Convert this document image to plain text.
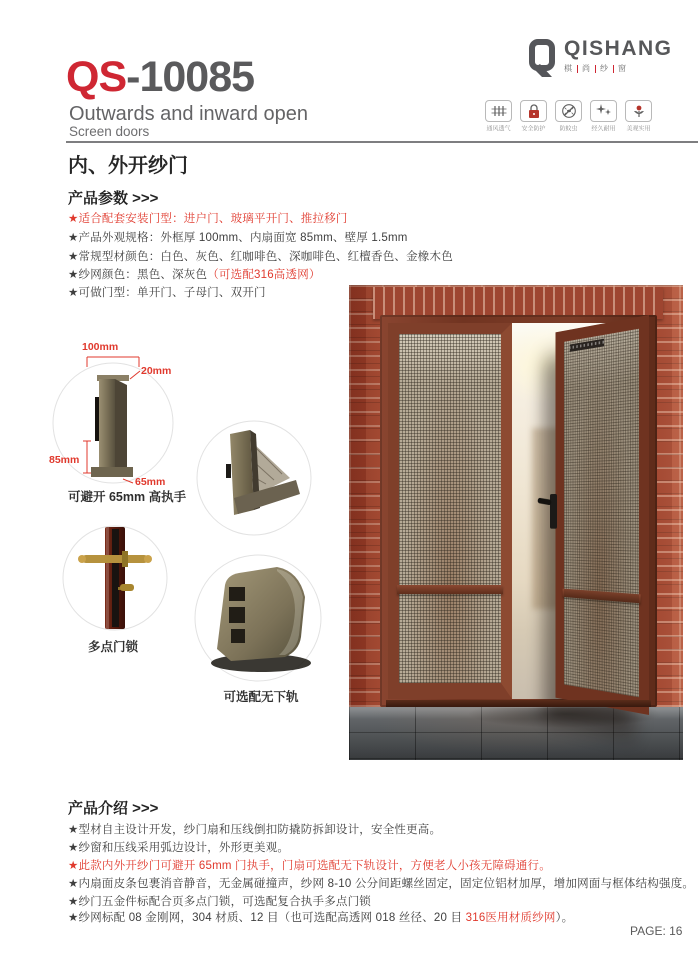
QS-10085
Outwards and inward open
Screen doors
内、外开纱门
QISHANG
棋 尚 纱 窗
通风透气 安全防护	防蚊虫	经久耐用 美观实用
产品参数 >>>
★适合配套安装门型：进户门、玻璃平开门、推拉移门
★产品外观规格：外框厚 100mm、内扇面宽 85mm、壁厚 1.5mm
★常规型材颜色：白色、灰色、红咖啡色、深咖啡色、红檀香色、金橡木色
★纱网颜色：黑色、深灰色（可选配316高透网）
★可做门型：单开门、子母门、双开门
100mm
20mm
85mm
65mm
可避开 65mm 高执手
多点门锁
可选配无下轨
产品介绍 >>>
★型材自主设计开发，纱门扇和压线倒扣防撬防拆卸设计，安全性更高。
★纱窗和压线采用弧边设计，外形更美观。
★此款内外开纱门可避开 65mm 门执手，门扇可选配无下轨设计，方便老人小孩无障碍通行。
★内扇面皮条包裹消音静音，无金属碰撞声，纱网 8-10 公分间距螺丝固定，固定位铝材加厚，增加网面与框体结构强度。
★纱门五金件标配合页多点门锁，可选配复合执手多点门锁
★纱网标配 08 金刚网，304 材质、12 目（也可选配高透网 018 丝径、20 目 316医用材质纱网）。
PAGE: 16
